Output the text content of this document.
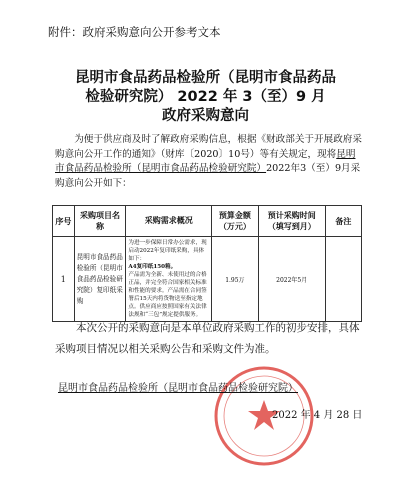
附件：政府采购意向公开参考文本
昆明市食品药品检验所（昆明市食品药品
检验研究院） 2022 年 3（至）9 月
政府采购意向
为便于供应商及时了解政府采购信息，根据《财政部关于开展政府采购意向公开工作的通知》（财库〔2020〕10号）等有关规定，现将昆明市食品药品检验所（昆明市食品药品检验研究院）2022年3（至）9月采购意向公开如下：
序号	采购项目名称	采购需求概况	预算金额（万元）	预计采购时间（填写到月）	备注
1	昆明市食品药品检验所（昆明市食品药品检验研究院）复印纸采购	为进一步保障日常办公需求，现启动2022年复印纸采购，具体如下：
A4复印纸150箱。
产品需为全新、未使用过的合格正品，并完全符合国家相关标准和性能的要求。产品需在合同签署后15天内将货物送至指定地点。供应商应按照国家有关法律法规和“三包”规定提供服务。	1.95万	2022年5月	
本次公开的采购意向是本单位政府采购工作的初步安排，具体采购项目情况以相关采购公告和采购文件为准。
昆明市食品药品检验所（昆明市食品药品检验研究院）
2022 年 4 月 28 日
